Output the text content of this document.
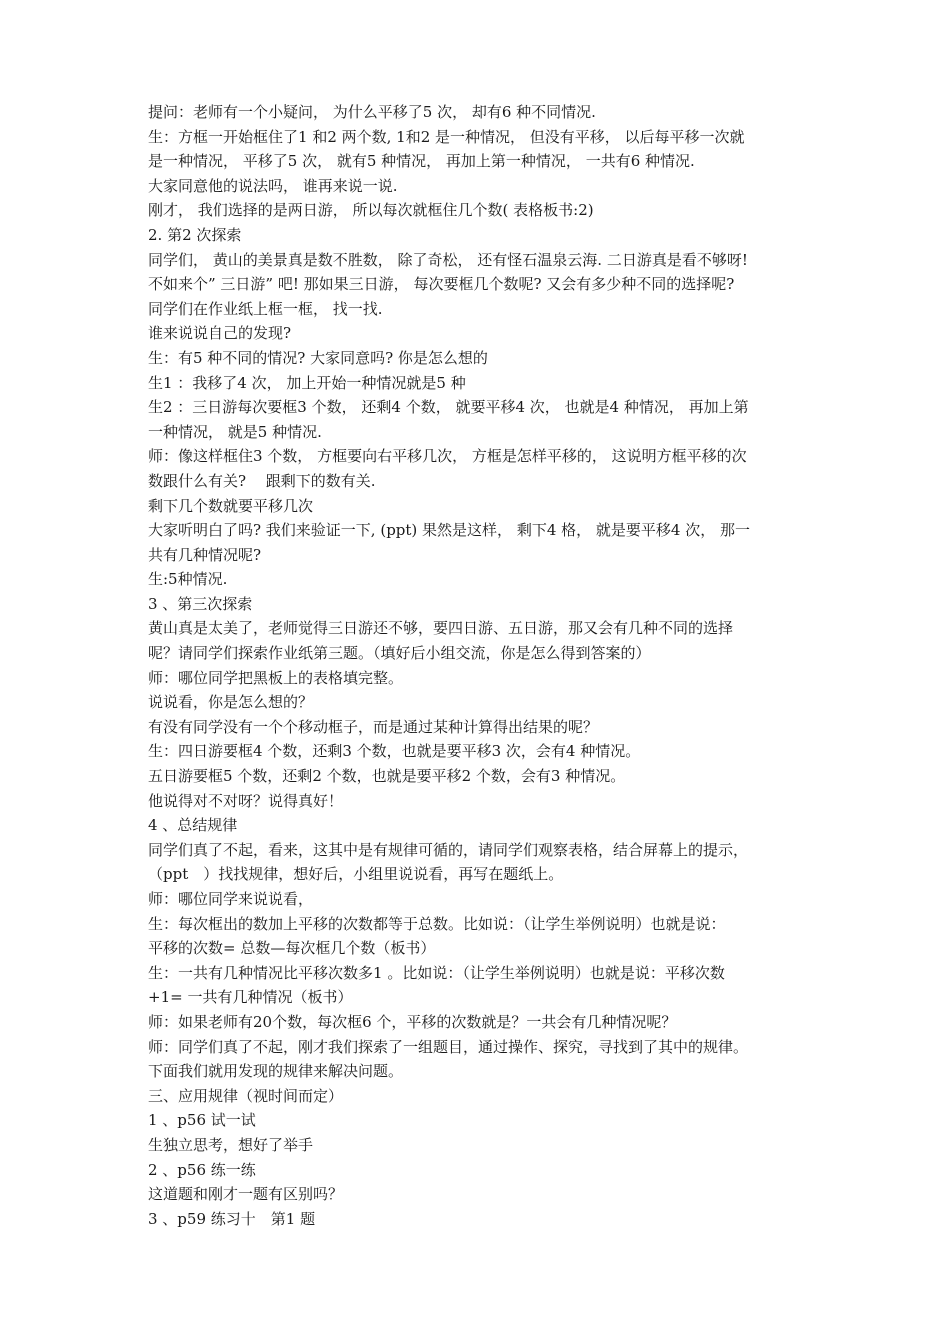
提问：老师有一个小疑问， 为什么平移了5 次， 却有6 种不同情况.
生：方框一开始框住了1 和2 两个数, 1和2 是一种情况， 但没有平移， 以后每平移一次就
是一种情况， 平移了5 次， 就有5 种情况， 再加上第一种情况， 一共有6 种情况.
大家同意他的说法吗， 谁再来说一说.
刚才， 我们选择的是两日游， 所以每次就框住几个数( 表格板书:2)
2. 第2 次探索
同学们， 黄山的美景真是数不胜数， 除了奇松， 还有怪石温泉云海. 二日游真是看不够呀!
不如来个” 三日游” 吧! 那如果三日游， 每次要框几个数呢? 又会有多少种不同的选择呢?
同学们在作业纸上框一框， 找一找.
谁来说说自己的发现?
生：有5 种不同的情况? 大家同意吗? 你是怎么想的
生1 ：我移了4 次， 加上开始一种情况就是5 种
生2 ：三日游每次要框3 个数， 还剩4 个数， 就要平移4 次， 也就是4 种情况， 再加上第
一种情况， 就是5 种情况.
师：像这样框住3 个数， 方框要向右平移几次， 方框是怎样平移的， 这说明方框平移的次
数跟什么有关?　 跟剩下的数有关.
剩下几个数就要平移几次
大家听明白了吗? 我们来验证一下, (ppt) 果然是这样， 剩下4 格， 就是要平移4 次， 那一
共有几种情况呢?
生:5种情况.
3 、第三次探索
黄山真是太美了，老师觉得三日游还不够，要四日游、五日游，那又会有几种不同的选择
呢？请同学们探索作业纸第三题。（填好后小组交流，你是怎么得到答案的）
师：哪位同学把黑板上的表格填完整。
说说看，你是怎么想的？
有没有同学没有一个个移动框子，而是通过某种计算得出结果的呢？
生：四日游要框4 个数，还剩3 个数，也就是要平移3 次，会有4 种情况。
五日游要框5 个数，还剩2 个数，也就是要平移2 个数，会有3 种情况。
他说得对不对呀？说得真好！
4 、总结规律
同学们真了不起，看来，这其中是有规律可循的，请同学们观察表格，结合屏幕上的提示，
（ppt　）找找规律，想好后，小组里说说看，再写在题纸上。
师：哪位同学来说说看，
生：每次框出的数加上平移的次数都等于总数。比如说：（让学生举例说明）也就是说：
平移的次数= 总数—每次框几个数（板书）
生：一共有几种情况比平移次数多1 。比如说：（让学生举例说明）也就是说：平移次数
+1= 一共有几种情况（板书）
师：如果老师有20个数，每次框6 个，平移的次数就是？一共会有几种情况呢？
师：同学们真了不起，刚才我们探索了一组题目，通过操作、探究，寻找到了其中的规律。
下面我们就用发现的规律来解决问题。
三、应用规律（视时间而定）
1 、p56 试一试
生独立思考，想好了举手
2 、p56 练一练
这道题和刚才一题有区别吗？
3 、p59 练习十　第1 题
